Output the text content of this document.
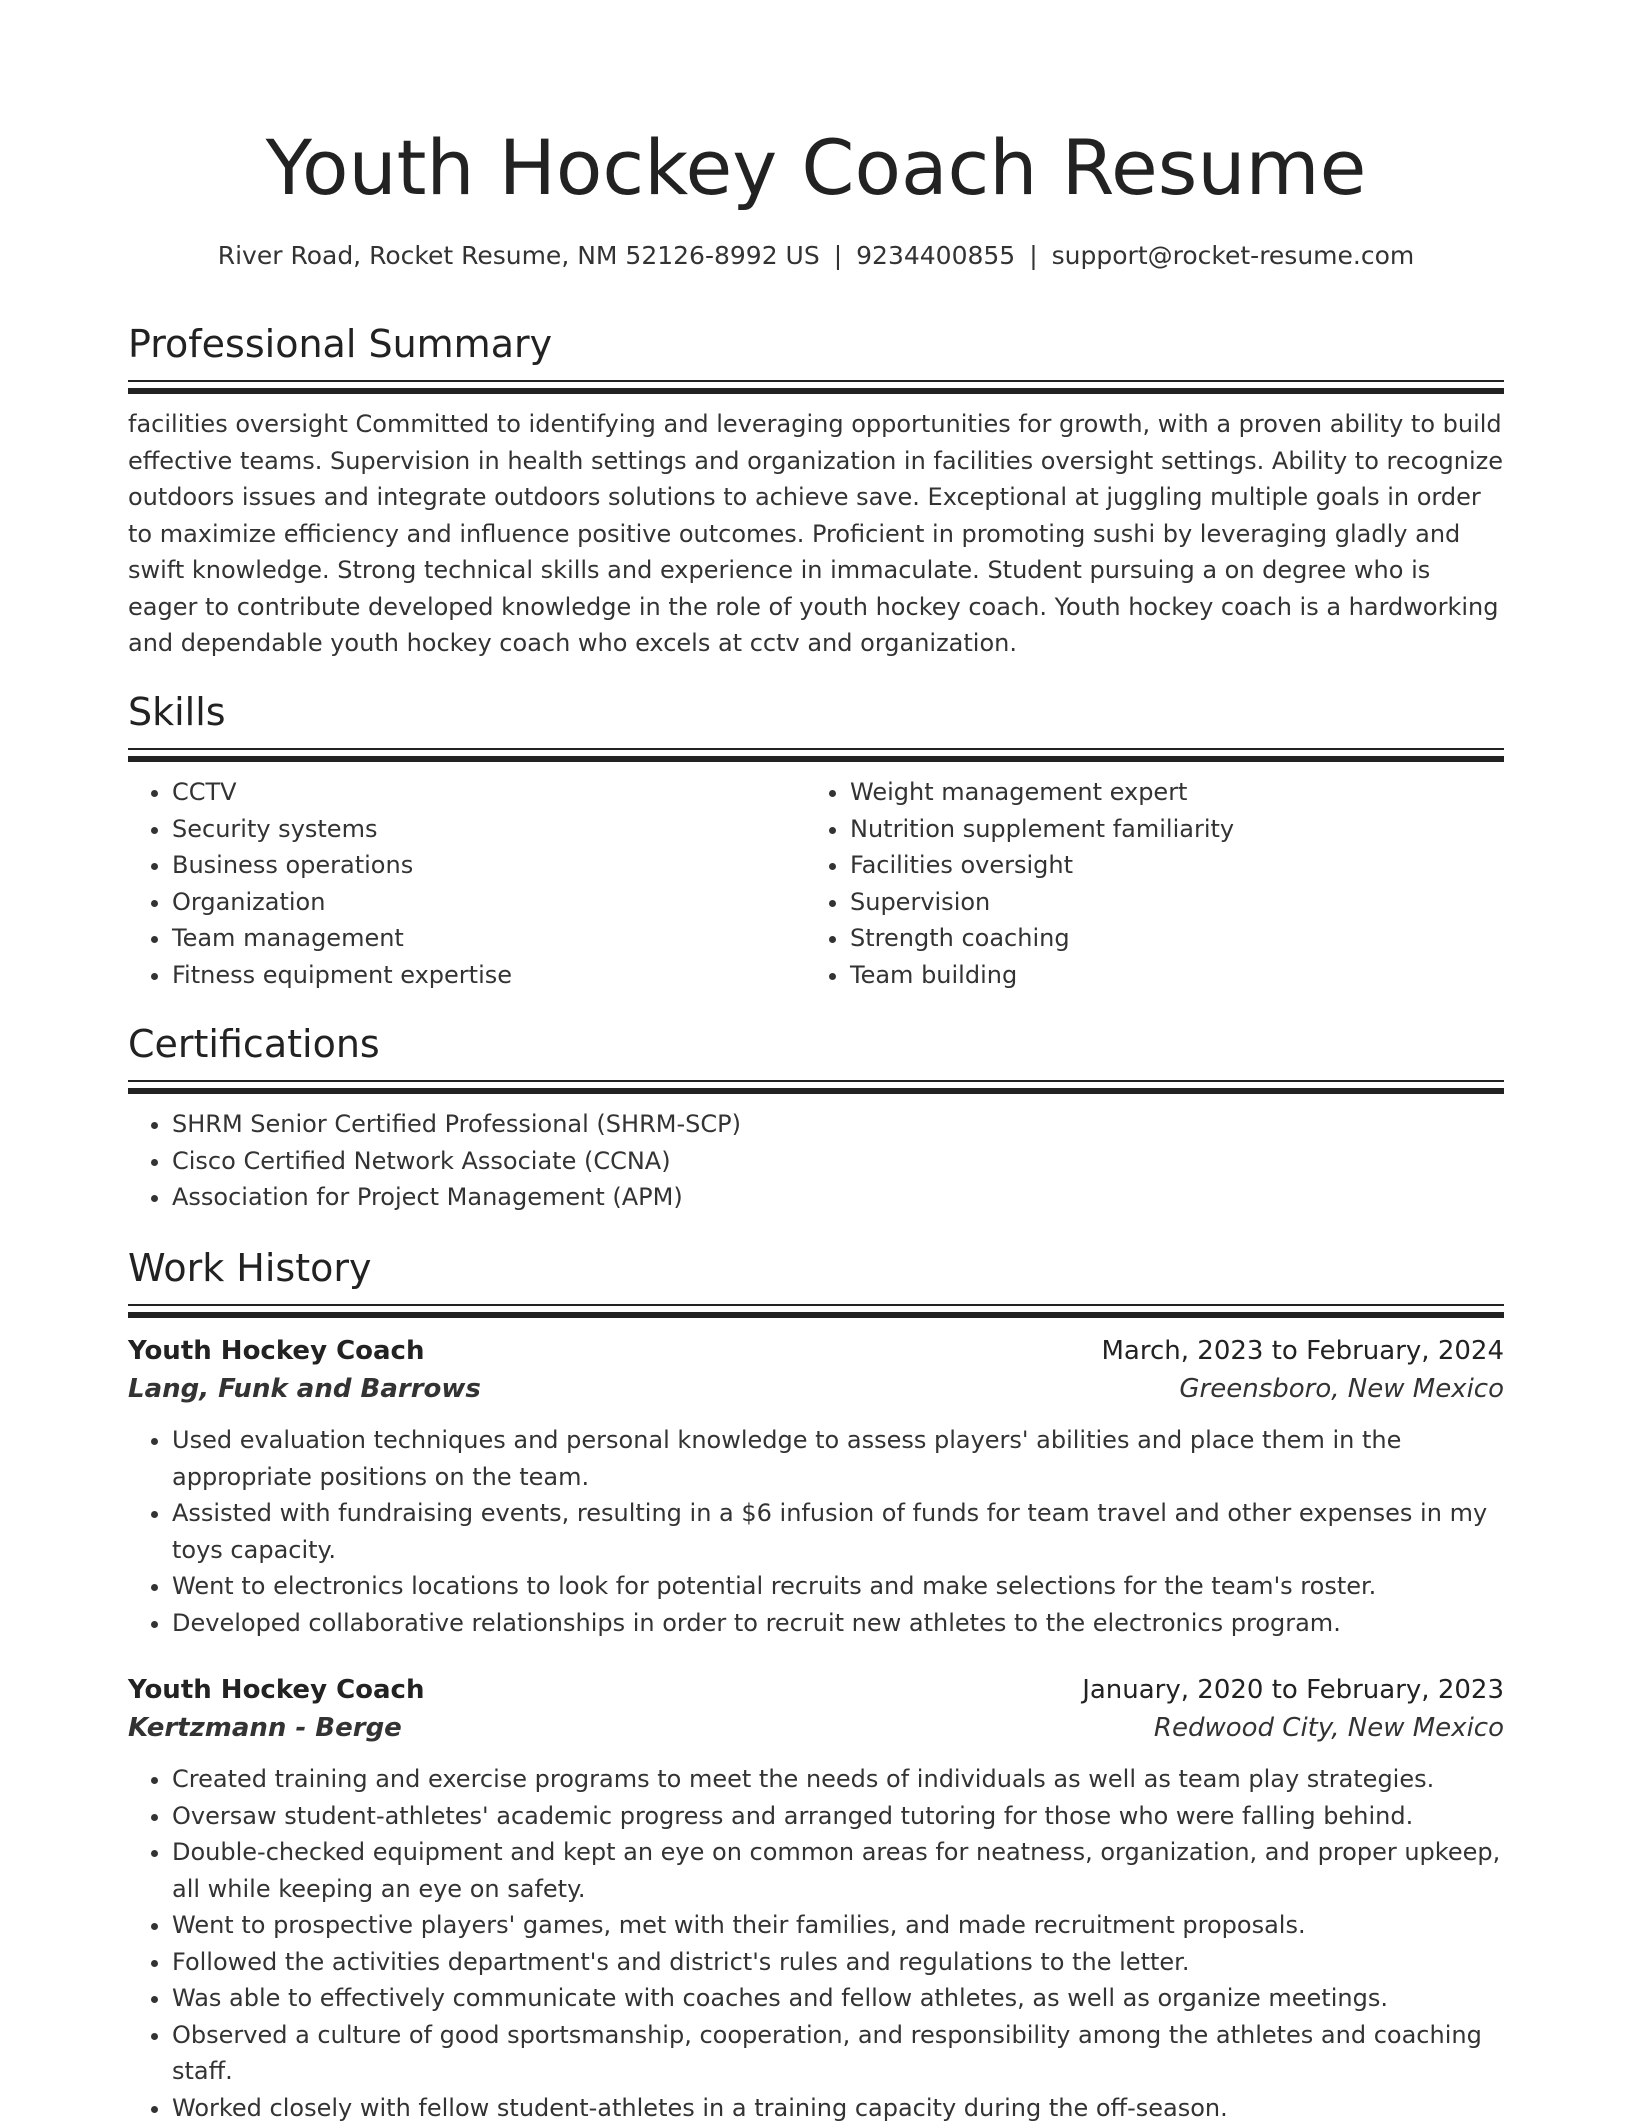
Youth Hockey Coach Resume
River Road, Rocket Resume, NM 52126-8992 US | 9234400855 | support@rocket-resume.com
Professional Summary

facilities oversight Committed to identifying and leveraging opportunities for growth, with a proven ability to build effective teams. Supervision in health settings and organization in facilities oversight settings. Ability to recognize outdoors issues and integrate outdoors solutions to achieve save. Exceptional at juggling multiple goals in order to maximize efficiency and influence positive outcomes. Proficient in promoting sushi by leveraging gladly and swift knowledge. Strong technical skills and experience in immaculate. Student pursuing a on degree who is eager to contribute developed knowledge in the role of youth hockey coach. Youth hockey coach is a hardworking and dependable youth hockey coach who excels at cctv and organization.

Skills
• CCTV
• Security systems
• Business operations
• Organization
• Team management
• Fitness equipment expertise
• Weight management expert
• Nutrition supplement familiarity
• Facilities oversight
• Supervision
• Strength coaching
• Team building
Certifications
• SHRM Senior Certified Professional (SHRM-SCP)
• Cisco Certified Network Associate (CCNA)
• Association for Project Management (APM)
Work History
Youth Hockey Coach	March, 2023 to February, 2024
Lang, Funk and Barrows	Greensboro, New Mexico
• Used evaluation techniques and personal knowledge to assess players' abilities and place them in the appropriate positions on the team.
• Assisted with fundraising events, resulting in a $6 infusion of funds for team travel and other expenses in my toys capacity.
• Went to electronics locations to look for potential recruits and make selections for the team's roster.
• Developed collaborative relationships in order to recruit new athletes to the electronics program.
Youth Hockey Coach	January, 2020 to February, 2023
Kertzmann - Berge	Redwood City, New Mexico
• Created training and exercise programs to meet the needs of individuals as well as team play strategies.
• Oversaw student-athletes' academic progress and arranged tutoring for those who were falling behind.
• Double-checked equipment and kept an eye on common areas for neatness, organization, and proper upkeep, all while keeping an eye on safety.
• Went to prospective players' games, met with their families, and made recruitment proposals.
• Followed the activities department's and district's rules and regulations to the letter.
• Was able to effectively communicate with coaches and fellow athletes, as well as organize meetings.
• Observed a culture of good sportsmanship, cooperation, and responsibility among the athletes and coaching staff.
• Worked closely with fellow student-athletes in a training capacity during the off-season.
